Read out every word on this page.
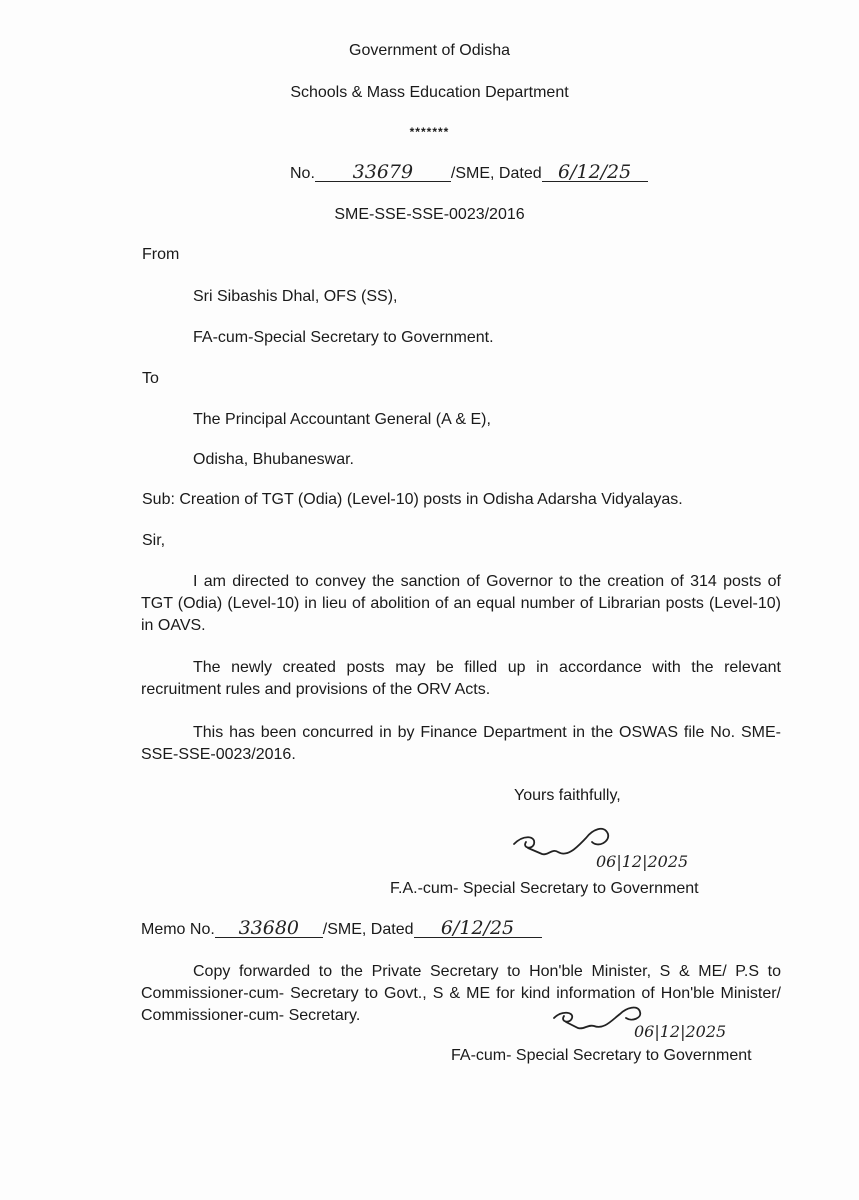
Government of Odisha
Schools & Mass Education Department
*******
No. 33679 /SME, Dated 6/12/25
SME-SSE-SSE-0023/2016
From
Sri Sibashis Dhal, OFS (SS),
FA-cum-Special Secretary to Government.
To
The Principal Accountant General (A & E),
Odisha, Bhubaneswar.
Sub: Creation of TGT (Odia) (Level-10) posts in Odisha Adarsha Vidyalayas.
Sir,
I am directed to convey the sanction of Governor to the creation of 314 posts of TGT (Odia) (Level-10) in lieu of abolition of an equal number of Librarian posts (Level-10) in OAVS.
The newly created posts may be filled up in accordance with the relevant recruitment rules and provisions of the ORV Acts.
This has been concurred in by Finance Department in the OSWAS file No. SME-SSE-SSE-0023/2016.
Yours faithfully,
06|12|2025
F.A.-cum- Special Secretary to Government
Memo No. 33680 /SME, Dated 6/12/25
Copy forwarded to the Private Secretary to Hon'ble Minister, S & ME/ P.S to Commissioner-cum- Secretary to Govt., S & ME for kind information of Hon'ble Minister/ Commissioner-cum- Secretary.
06|12|2025
FA-cum- Special Secretary to Government
